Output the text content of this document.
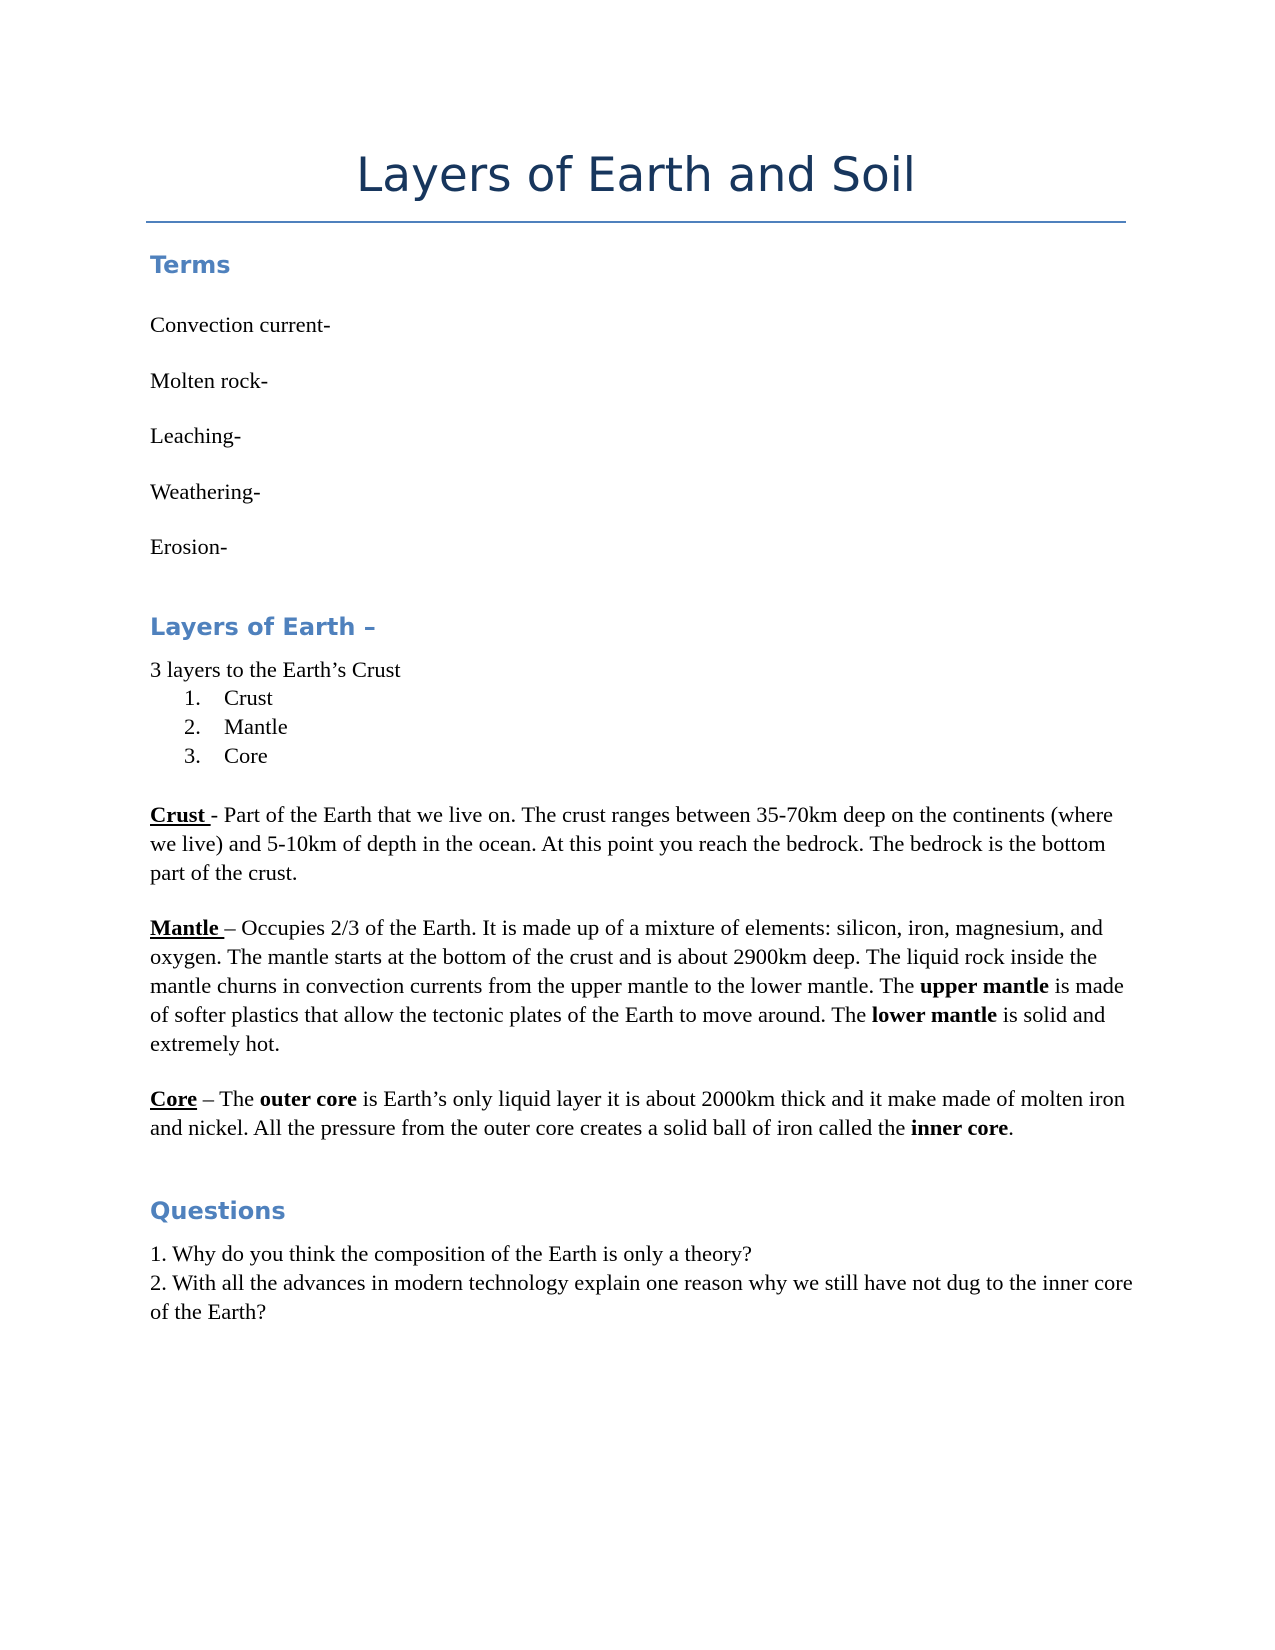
Layers of Earth and Soil
Terms
Convection current-
Molten rock-
Leaching-
Weathering-
Erosion-
Layers of Earth –
3 layers to the Earth’s Crust
1. Crust
2. Mantle
3. Core

Crust - Part of the Earth that we live on. The crust ranges between 35-70km deep on the continents (where we live) and 5-10km of depth in the ocean. At this point you reach the bedrock. The bedrock is the bottom part of the crust.

Mantle – Occupies 2/3 of the Earth. It is made up of a mixture of elements: silicon, iron, magnesium, and oxygen. The mantle starts at the bottom of the crust and is about 2900km deep. The liquid rock inside the mantle churns in convection currents from the upper mantle to the lower mantle. The upper mantle is made of softer plastics that allow the tectonic plates of the Earth to move around. The lower mantle is solid and extremely hot.

Core – The outer core is Earth’s only liquid layer it is about 2000km thick and it make made of molten iron and nickel. All the pressure from the outer core creates a solid ball of iron called the inner core.

Questions

1. Why do you think the composition of the Earth is only a theory?

2. With all the advances in modern technology explain one reason why we still have not dug to the inner core of the Earth?
